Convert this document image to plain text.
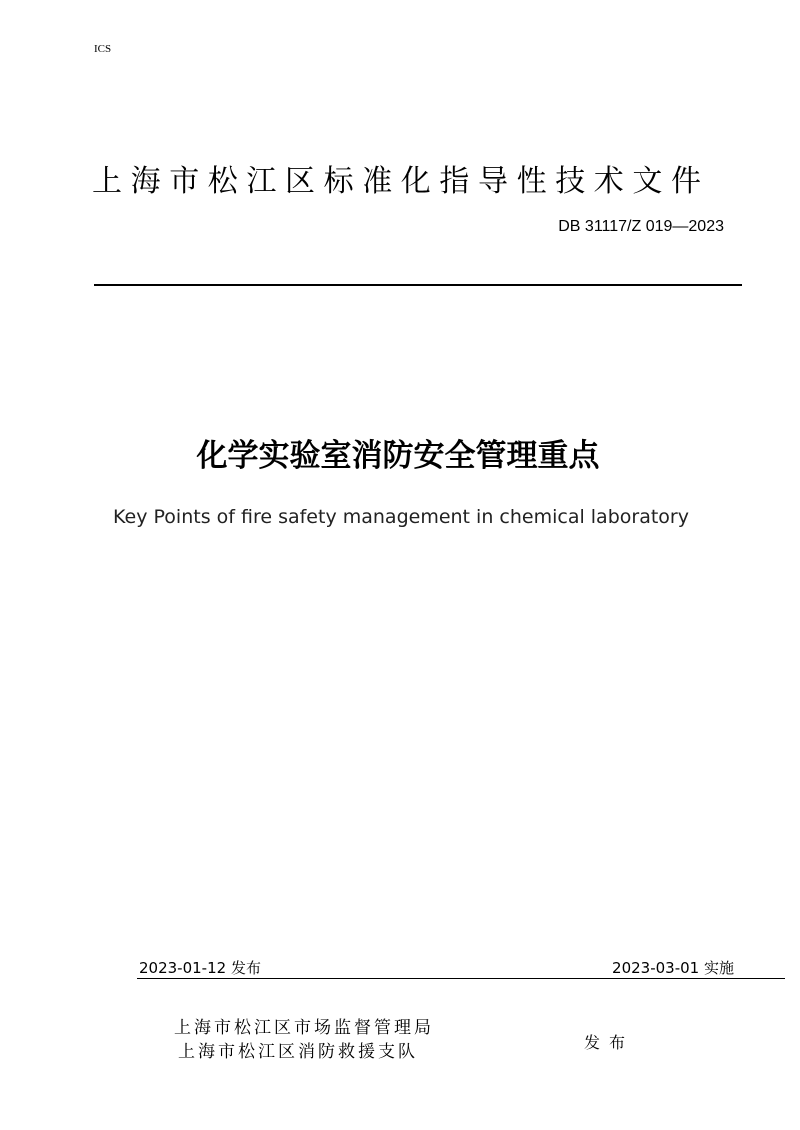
ICS
上海市松江区标准化指导性技术文件
DB 31117/Z 019—2023
化学实验室消防安全管理重点
Key Points of fire safety management in chemical laboratory
2023-01-12 发布	2023-03-01 实施
上海市松江区市场监督管理局
上海市松江区消防救援支队	发布
